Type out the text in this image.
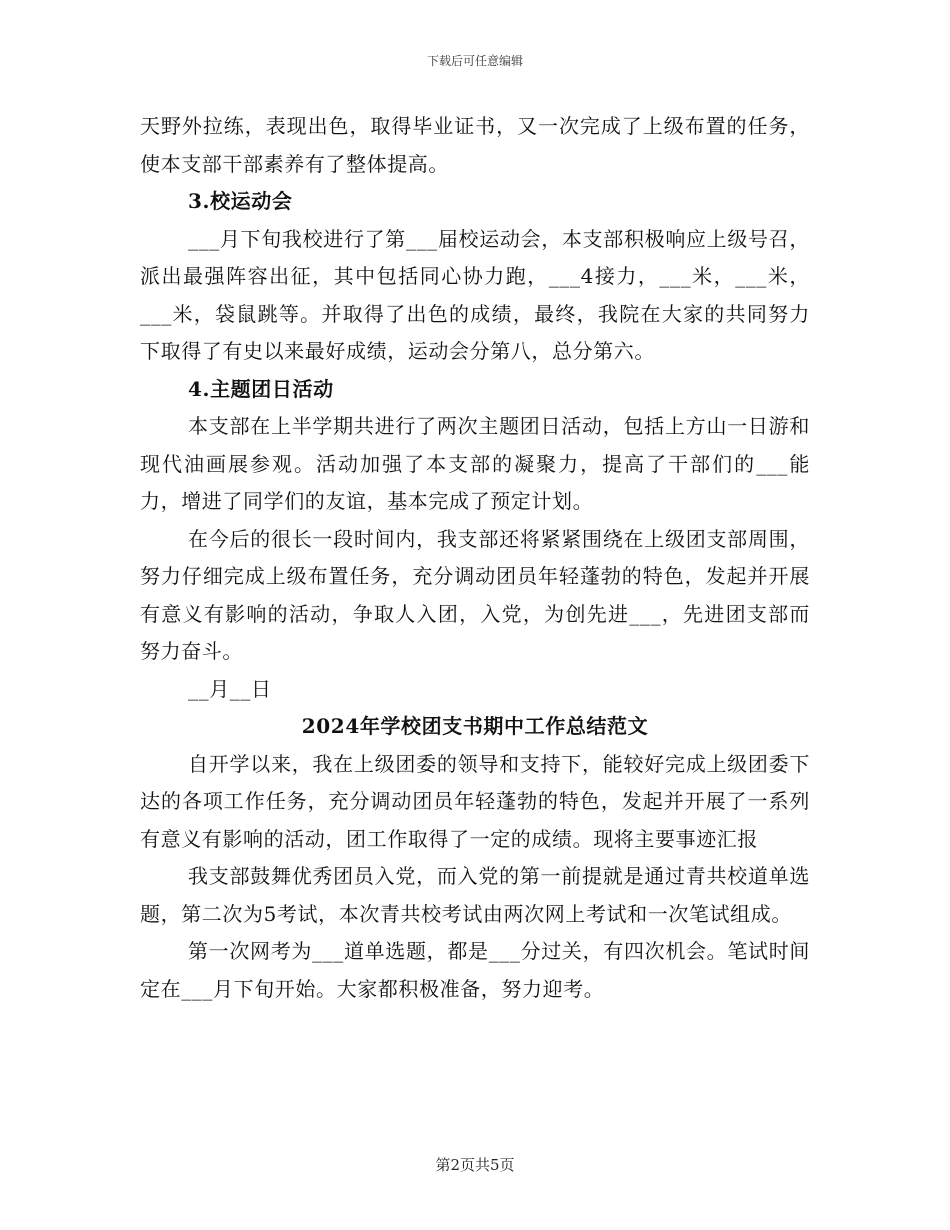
下载后可任意编辑

天野外拉练，表现出色，取得毕业证书，又一次完成了上级布置的任务，使本支部干部素养有了整体提高。

3.校运动会

___月下旬我校进行了第___届校运动会，本支部积极响应上级号召，派出最强阵容出征，其中包括同心协力跑，___4接力，___米，___米，___米，袋鼠跳等。并取得了出色的成绩，最终，我院在大家的共同努力下取得了有史以来最好成绩，运动会分第八，总分第六。

4.主题团日活动

本支部在上半学期共进行了两次主题团日活动，包括上方山一日游和现代油画展参观。活动加强了本支部的凝聚力，提高了干部们的___能力，增进了同学们的友谊，基本完成了预定计划。

在今后的很长一段时间内，我支部还将紧紧围绕在上级团支部周围，努力仔细完成上级布置任务，充分调动团员年轻蓬勃的特色，发起并开展有意义有影响的活动，争取人入团，入党，为创先进___，先进团支部而努力奋斗。

__月__日

2024年学校团支书期中工作总结范文

自开学以来，我在上级团委的领导和支持下，能较好完成上级团委下达的各项工作任务，充分调动团员年轻蓬勃的特色，发起并开展了一系列有意义有影响的活动，团工作取得了一定的成绩。现将主要事迹汇报

我支部鼓舞优秀团员入党，而入党的第一前提就是通过青共校道单选题，第二次为5考试，本次青共校考试由两次网上考试和一次笔试组成。

第一次网考为___道单选题，都是___分过关，有四次机会。笔试时间定在___月下旬开始。大家都积极准备，努力迎考。

第2页共5页
